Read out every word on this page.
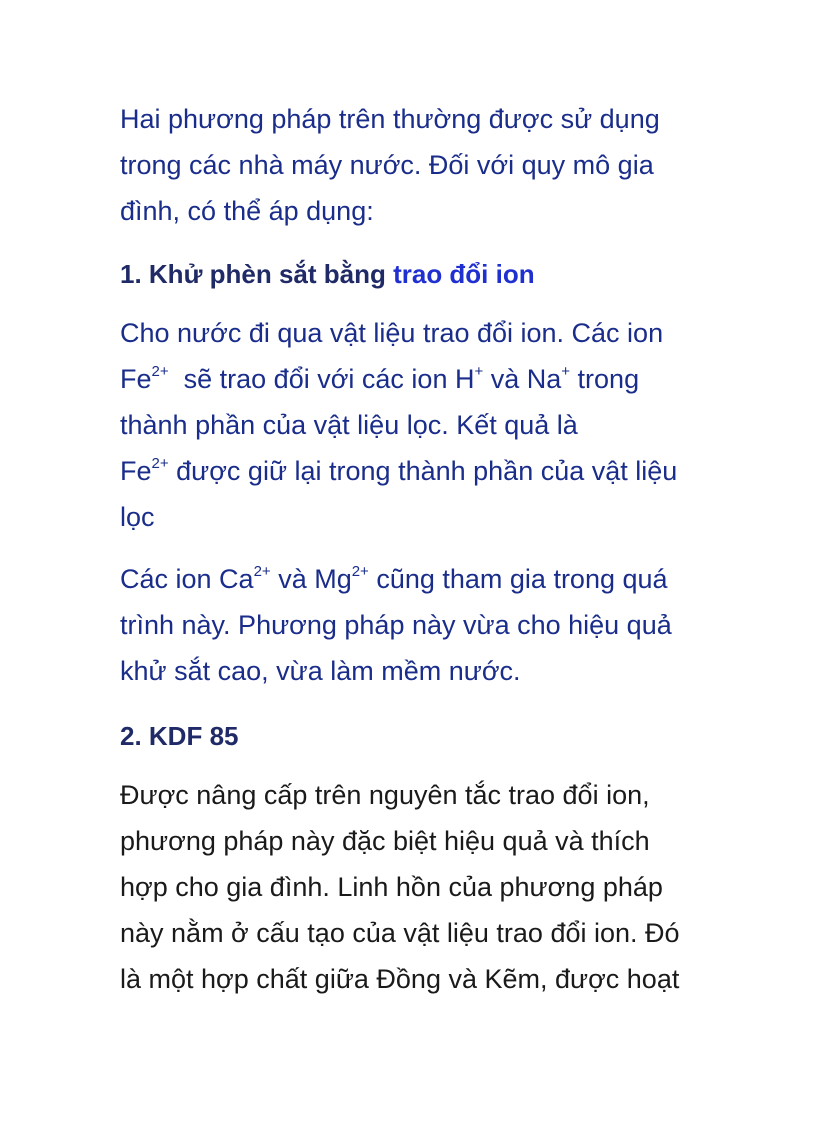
Hai phương pháp trên thường được sử dụng
trong các nhà máy nước. Đối với quy mô gia
đình, có thể áp dụng:
1. Khử phèn sắt bằng trao đổi ion
Cho nước đi qua vật liệu trao đổi ion. Các ion
$Fe^{2+}$  sẽ trao đổi với các ion H+ và Na+ trong
thành phần của vật liệu lọc. Kết quả là
$Fe^{2+}$ được giữ lại trong thành phần của vật liệu
lọc
Các ion $Ca^{2+}$ và $Mg^{2+}$ cũng tham gia trong quá
trình này. Phương pháp này vừa cho hiệu quả
khử sắt cao, vừa làm mềm nước.
2. KDF 85
Được nâng cấp trên nguyên tắc trao đổi ion,
phương pháp này đặc biệt hiệu quả và thích
hợp cho gia đình. Linh hồn của phương pháp
này nằm ở cấu tạo của vật liệu trao đổi ion. Đó
là một hợp chất giữa Đồng và Kẽm, được hoạt
